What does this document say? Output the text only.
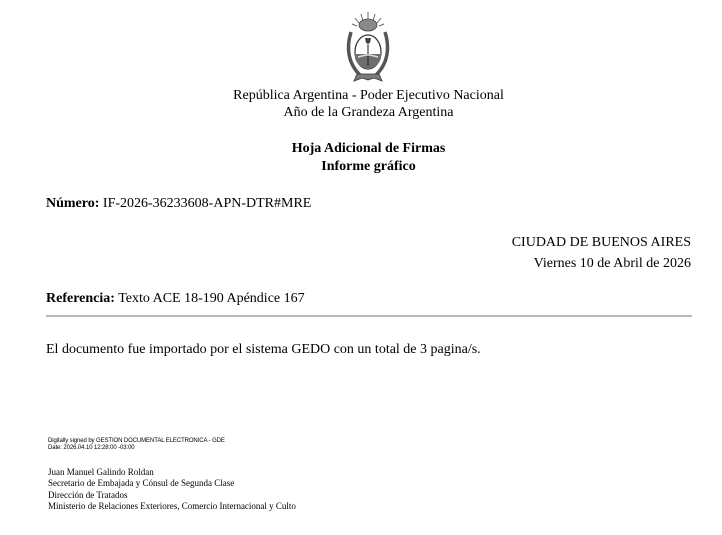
República Argentina - Poder Ejecutivo Nacional
Año de la Grandeza Argentina
Hoja Adicional de Firmas
Informe gráfico
Número: IF-2026-36233608-APN-DTR#MRE
CIUDAD DE BUENOS AIRES
Viernes 10 de Abril de 2026
Referencia: Texto ACE 18-190 Apéndice 167
El documento fue importado por el sistema GEDO con un total de 3 pagina/s.
Digitally signed by GESTION DOCUMENTAL ELECTRONICA - GDE
Date: 2026.04.10 12:28:00 -03:00
Juan Manuel Galindo Roldan
Secretario de Embajada y Cónsul de Segunda Clase
Dirección de Tratados
Ministerio de Relaciones Exteriores, Comercio Internacional y Culto
